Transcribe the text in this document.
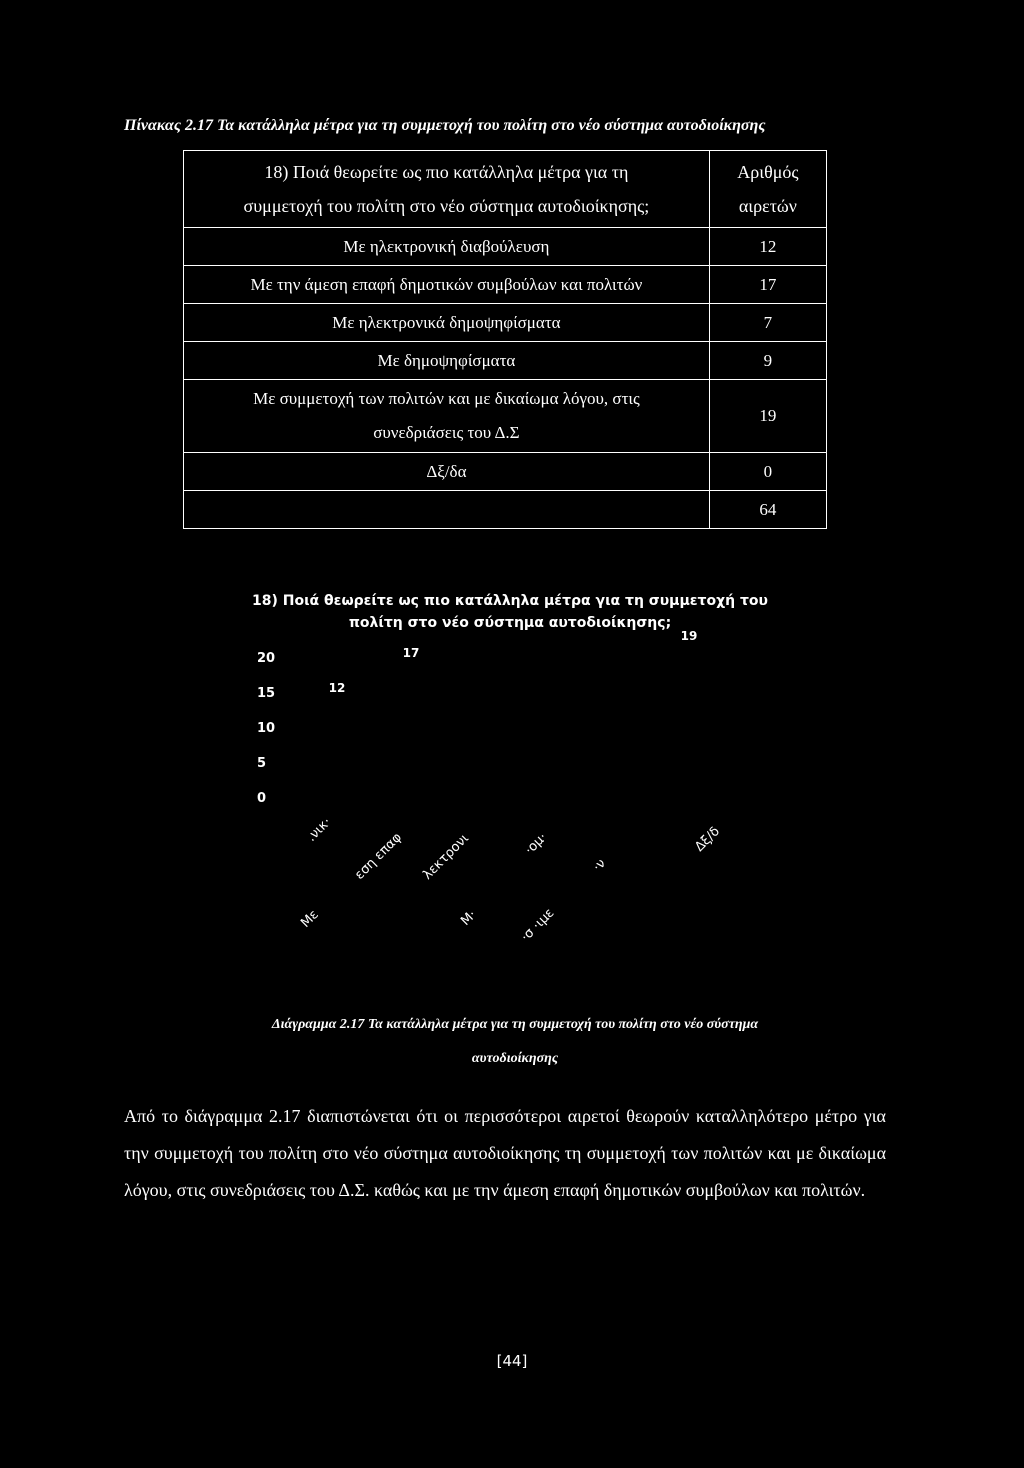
Πίνακας 2.17 Τα κατάλληλα μέτρα για τη συμμετοχή του πολίτη στο νέο σύστημα αυτοδιοίκησης
18) Ποιά θεωρείτε ως πιο κατάλληλα μέτρα για τη
συμμετοχή του πολίτη στο νέο σύστημα αυτοδιοίκησης;	Αριθμός
αιρετών

Με ηλεκτρονική διαβούλευση	12
Με την άμεση επαφή δημοτικών συμβούλων και πολιτών	17
Με ηλεκτρονικά δημοψηφίσματα	7
Με δημοψηφίσματα	9

Με συμμετοχή των πολιτών και με δικαίωμα λόγου, στις
συνεδριάσεις του Δ.Σ	19
Δξ/δα	0
	64
18) Ποιά θεωρείτε ως πιο κατάλληλα μέτρα για τη συμμετοχή του
πολίτη στο νέο σύστημα αυτοδιοίκησης;
20
15
10
5
0
12
17
19
.νικ·
εση επαφ λεκτρονι	·ομ·
·ν
Δξ/δ
Με	Μ·	·σ ·ιμε
Διάγραμμα 2.17 Τα κατάλληλα μέτρα για τη συμμετοχή του πολίτη στο νέο σύστημα
αυτοδιοίκησης
Από το διάγραμμα 2.17 διαπιστώνεται ότι οι περισσότεροι αιρετοί θεωρούν καταλληλότερο μέτρο για την συμμετοχή του πολίτη στο νέο σύστημα αυτοδιοίκησης τη συμμετοχή των πολιτών και με δικαίωμα λόγου, στις συνεδριάσεις του Δ.Σ. καθώς και με την άμεση επαφή δημοτικών συμβούλων και πολιτών.
[44]
